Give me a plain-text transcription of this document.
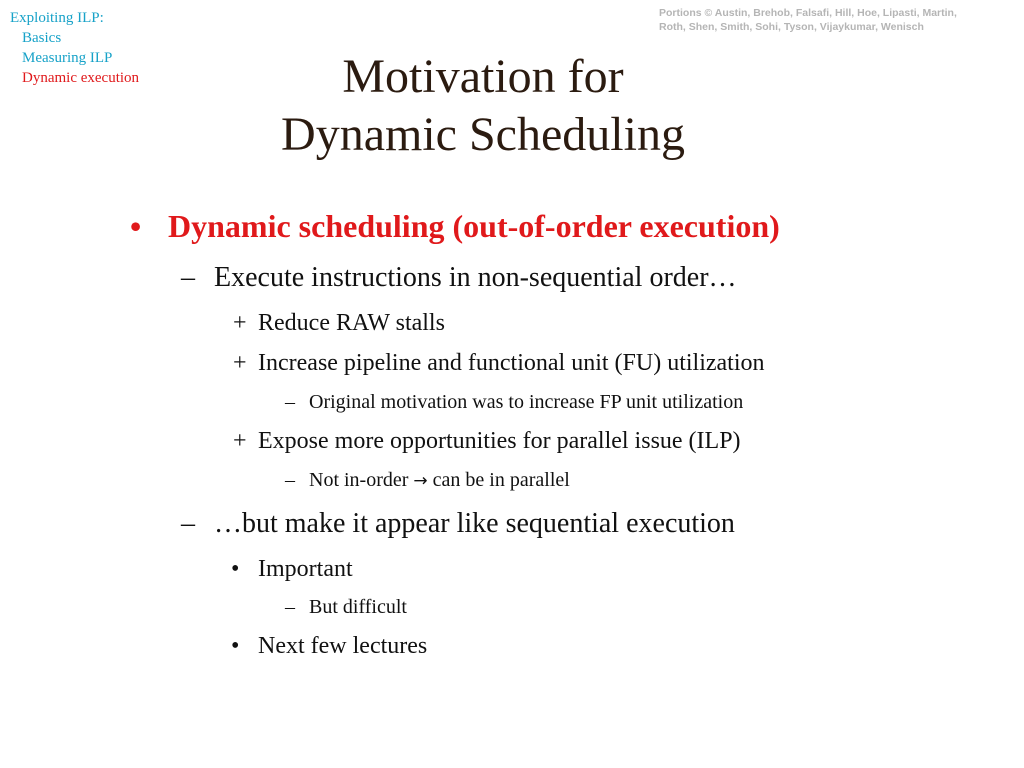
Exploiting ILP:
Basics
Measuring ILP
Dynamic execution
Portions © Austin, Brehob, Falsafi, Hill, Hoe, Lipasti, Martin,
Roth, Shen, Smith, Sohi, Tyson, Vijaykumar, Wenisch
Motivation for
Dynamic Scheduling
• Dynamic scheduling (out-of-order execution)
– Execute instructions in non-sequential order…
+ Reduce RAW stalls
+ Increase pipeline and functional unit (FU) utilization
– Original motivation was to increase FP unit utilization
+ Expose more opportunities for parallel issue (ILP)
– Not in-order → can be in parallel
– …but make it appear like sequential execution
• Important
– But difficult
• Next few lectures
